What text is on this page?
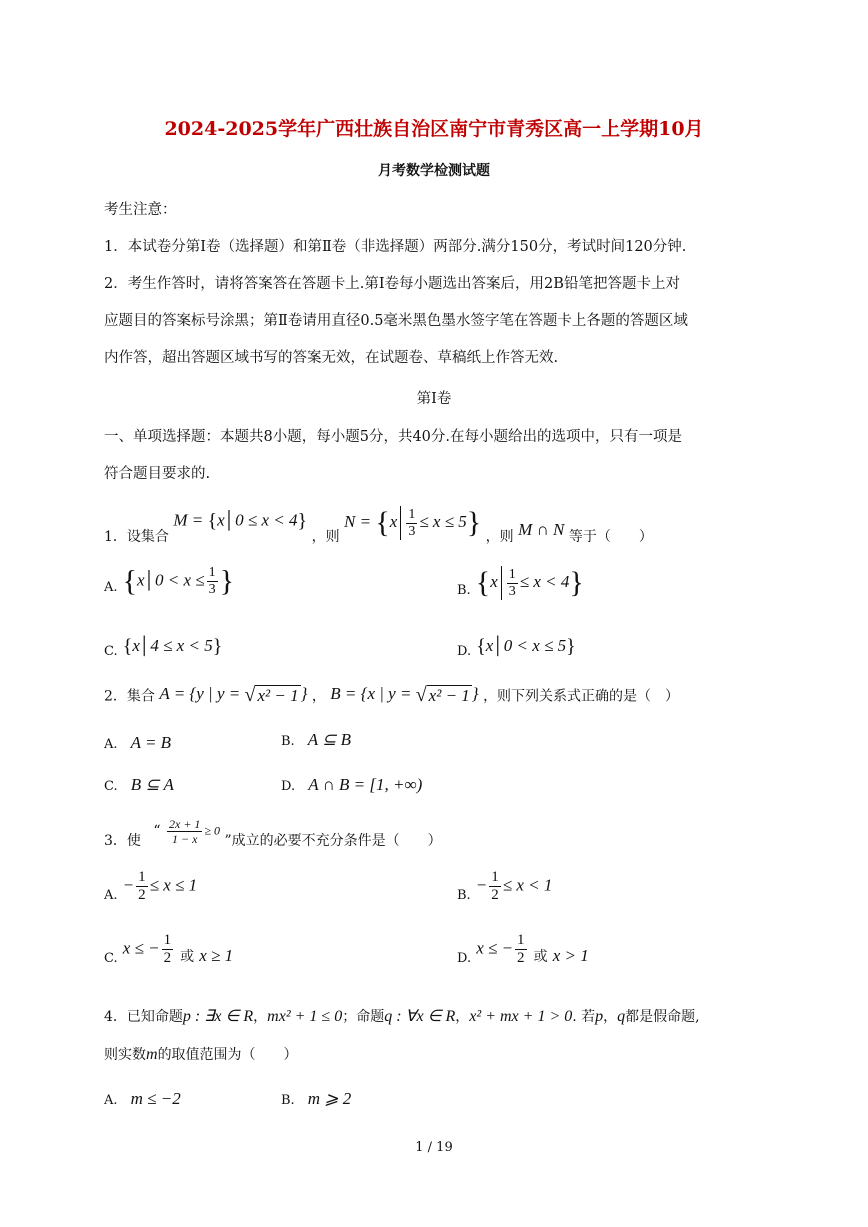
2024-2025学年广西壮族自治区南宁市青秀区高一上学期10月
月考数学检测试题
考生注意：
1．本试卷分第Ⅰ卷（选择题）和第Ⅱ卷（非选择题）两部分.满分150分，考试时间120分钟.
2．考生作答时，请将答案答在答题卡上.第Ⅰ卷每小题选出答案后，用2B铅笔把答题卡上对
应题目的答案标号涂黑；第Ⅱ卷请用直径0.5毫米黑色墨水签字笔在答题卡上各题的答题区域
内作答，超出答题区域书写的答案无效，在试题卷、草稿纸上作答无效.
第Ⅰ卷
一、单项选择题：本题共8小题，每小题5分，共40分.在每小题给出的选项中，只有一项是
符合题目要求的.
1．设集合 M = {x│0 ≤ x < 4} ，则 $N = \{x \frac{1}{3} \le x \le 5\}$ ，则 M ∩ N 等于（　　）
A. {x│0 < $x \le \frac{1}{3}$ }	B. $\{x \frac{1}{3} \le x < 4\}$
C. {x│4 ≤ x < 5}	D. {x│0 < x ≤ 5}
2．集合 A = {y | y = √ x² − 1 } ， B = {x | y = √ x² − 1 } ，则下列关系式正确的是（　）
A. A = B	B. A ⊆ B
C. B ⊆ A	D. A ∩ B = [1, +∞)
3．使 “ $\frac{2x + 1}{1 - x} \ge 0$ ”成立的必要不充分条件是（　　）
A. − $\frac{1}{2} \le x \le 1$
B. − $\frac{1}{2} \le x < 1$
C. x ≤ − $\frac{1}{2}$ 或 x ≥ 1	D. x ≤ − $\frac{1}{2}$ 或 x > 1
4．已知命题p : ∃x ∈ R，mx² + 1 ≤ 0；命题q : ∀x ∈ R，x² + mx + 1 > 0. 若p，q都是假命题,
则实数m的取值范围为（　　）
A. m ≤ −2	B. m ⩾ 2
1 / 19
